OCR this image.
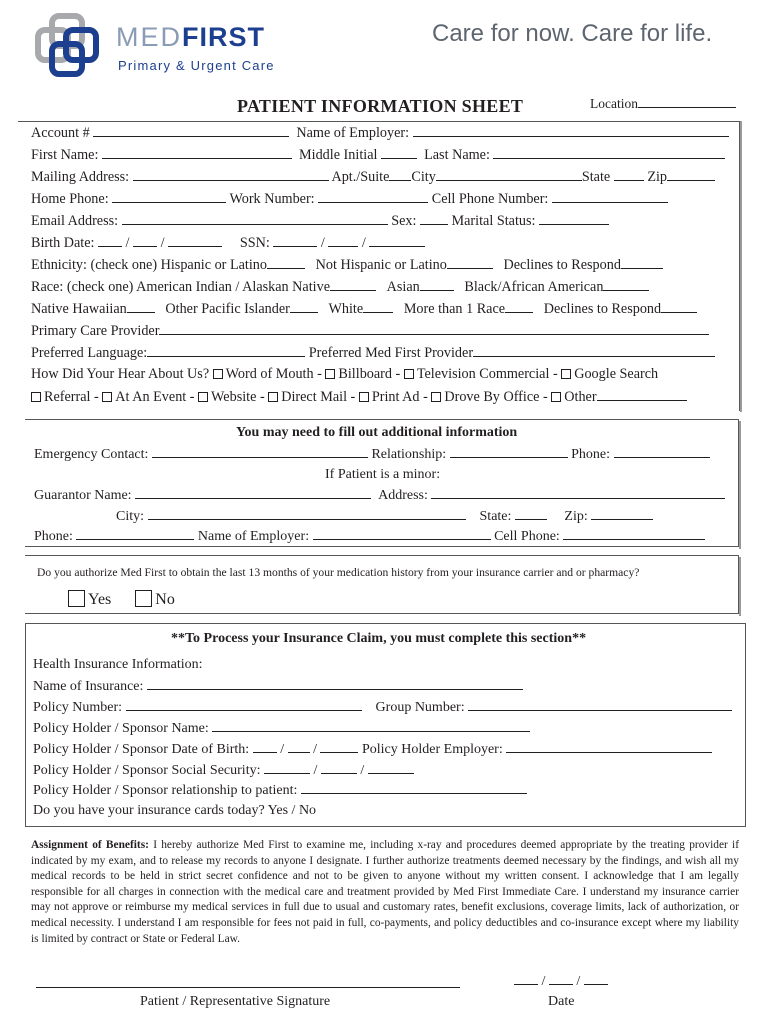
MEDFIRST
Primary & Urgent Care
Care for now. Care for life.
PATIENT INFORMATION SHEET	Location
Account #	Name of Employer:
First Name:	Middle Initial	Last Name:
Mailing Address:	Apt./Suite City	State	Zip
Home Phone:	Work Number:	Cell Phone Number:
Email Address:	Sex: Marital Status:
Birth Date: / /	SSN:	/	/
Ethnicity: (check one) Hispanic or Latino	Not Hispanic or Latino	Declines to Respond
Race: (check one) American Indian / Alaskan Native	Asian	Black/African American
Native Hawaiian	Other Pacific Islander	White	More than 1 Race	Declines to Respond
Primary Care Provider
Preferred Language:	Preferred Med First Provider
How Did Your Hear About Us? Word of Mouth - Billboard - Television Commercial - Google Search
Referral - At An Event - Website - Direct Mail - Print Ad - Drove By Office - Other
You may need to fill out additional information
Emergency Contact:	Relationship:	Phone:
If Patient is a minor:
Guarantor Name:	Address:
City:	State:	Zip:
Phone:	Name of Employer:	Cell Phone:
Do you authorize Med First to obtain the last 13 months of your medication history from your insurance carrier and or pharmacy?
Yes	No
**To Process your Insurance Claim, you must complete this section**
Health Insurance Information:
Name of Insurance:
Policy Number:	Group Number:
Policy Holder / Sponsor Name:
Policy Holder / Sponsor Date of Birth: / /	Policy Holder Employer:
Policy Holder / Sponsor Social Security:	/	/
Policy Holder / Sponsor relationship to patient:
Do you have your insurance cards today? Yes / No
Assignment of Benefits: I hereby authorize Med First to examine me, including x-ray and procedures deemed appropriate by the treating provider if indicated by my exam, and to release my records to anyone I designate. I further authorize treatments deemed necessary by the findings, and wish all my medical records to be held in strict secret confidence and not to be given to anyone without my written consent. I acknowledge that I am legally responsible for all charges in connection with the medical care and treatment provided by Med First Immediate Care. I understand my insurance carrier may not approve or reimburse my medical services in full due to usual and customary rates, benefit exclusions, coverage limits, lack of authorization, or medical necessity. I understand I am responsible for fees not paid in full, co-payments, and policy deductibles and co-insurance except where my liability is limited by contract or State or Federal Law.
Patient / Representative Signature
/ /
Date
